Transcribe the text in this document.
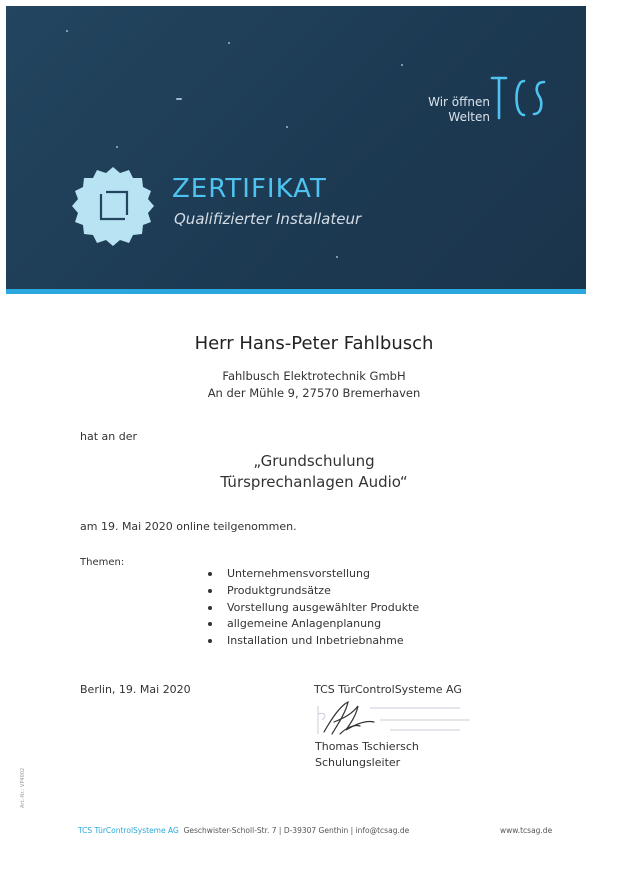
Wir öffnen
Welten
ZERTIFIKAT
Qualifizierter Installateur
Herr Hans-Peter Fahlbusch
Fahlbusch Elektrotechnik GmbH
An der Mühle 9, 27570 Bremerhaven
hat an der
„Grundschulung
Türsprechanlagen Audio“
am 19. Mai 2020 online teilgenommen.
Themen:
Unternehmensvorstellung
Produktgrundsätze
Vorstellung ausgewählter Produkte
allgemeine Anlagenplanung
Installation und Inbetriebnahme
Berlin, 19. Mai 2020	TCS TürControlSysteme AG
Thomas Tschiersch
Schulungsleiter
Art.-Nr.: VP4002
TCS TürControlSysteme AG Geschwister-Scholl-Str. 7 | D-39307 Genthin | info@tcsag.de	www.tcsag.de
